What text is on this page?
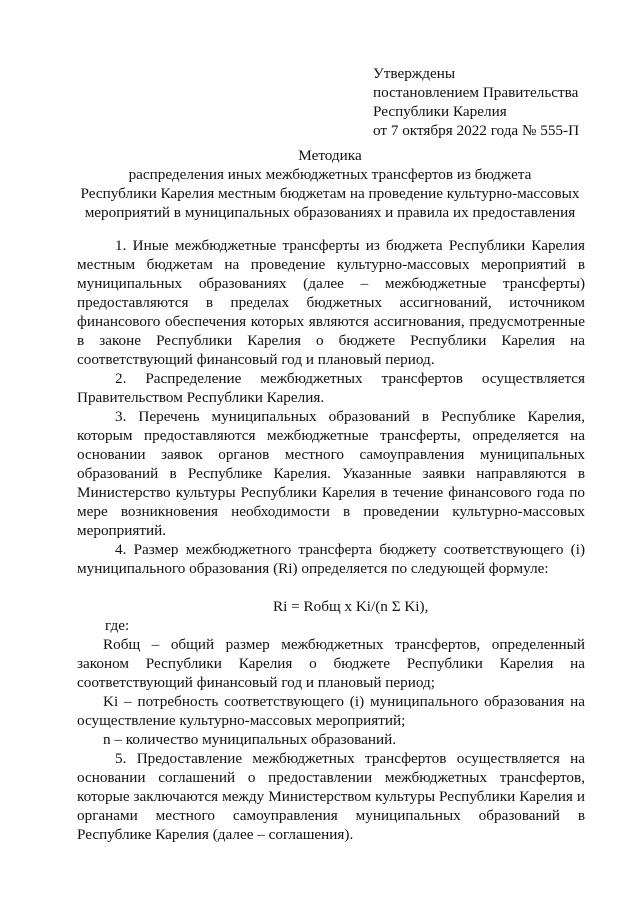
Утверждены
постановлением Правительства
Республики Карелия
от 7 октября 2022 года № 555-П
Методика
распределения иных межбюджетных трансфертов из бюджета
Республики Карелия местным бюджетам на проведение культурно-массовых
мероприятий в муниципальных образованиях и правила их предоставления

1. Иные межбюджетные трансферты из бюджета Республики Карелия местным бюджетам на проведение культурно-массовых мероприятий в муниципальных образованиях (далее – межбюджетные трансферты) предоставляются в пределах бюджетных ассигнований, источником финансового обеспечения которых являются ассигнования, предусмотренные в законе Республики Карелия о бюджете Республики Карелия на соответствующий финансовый год и плановый период.

2. Распределение межбюджетных трансфертов осуществляется Правительством Республики Карелия.

3. Перечень муниципальных образований в Республике Карелия, которым предоставляются межбюджетные трансферты, определяется на основании заявок органов местного самоуправления муниципальных образований в Республике Карелия. Указанные заявки направляются в Министерство культуры Республики Карелия в течение финансового года по мере возникновения необходимости в проведении культурно-массовых мероприятий.

4. Размер межбюджетного трансферта бюджету соответствующего (i) муниципального образования (Ri) определяется по следующей формуле:

Ri = Rобщ x Ki/(n Σ Ki),

где:

Rобщ – общий размер межбюджетных трансфертов, определенный законом Республики Карелия о бюджете Республики Карелия на соответствующий финансовый год и плановый период;

Ki – потребность соответствующего (i) муниципального образования на осуществление культурно-массовых мероприятий;

n – количество муниципальных образований.

5. Предоставление межбюджетных трансфертов осуществляется на основании соглашений о предоставлении межбюджетных трансфертов, которые заключаются между Министерством культуры Республики Карелия и органами местного самоуправления муниципальных образований в Республике Карелия (далее – соглашения).
